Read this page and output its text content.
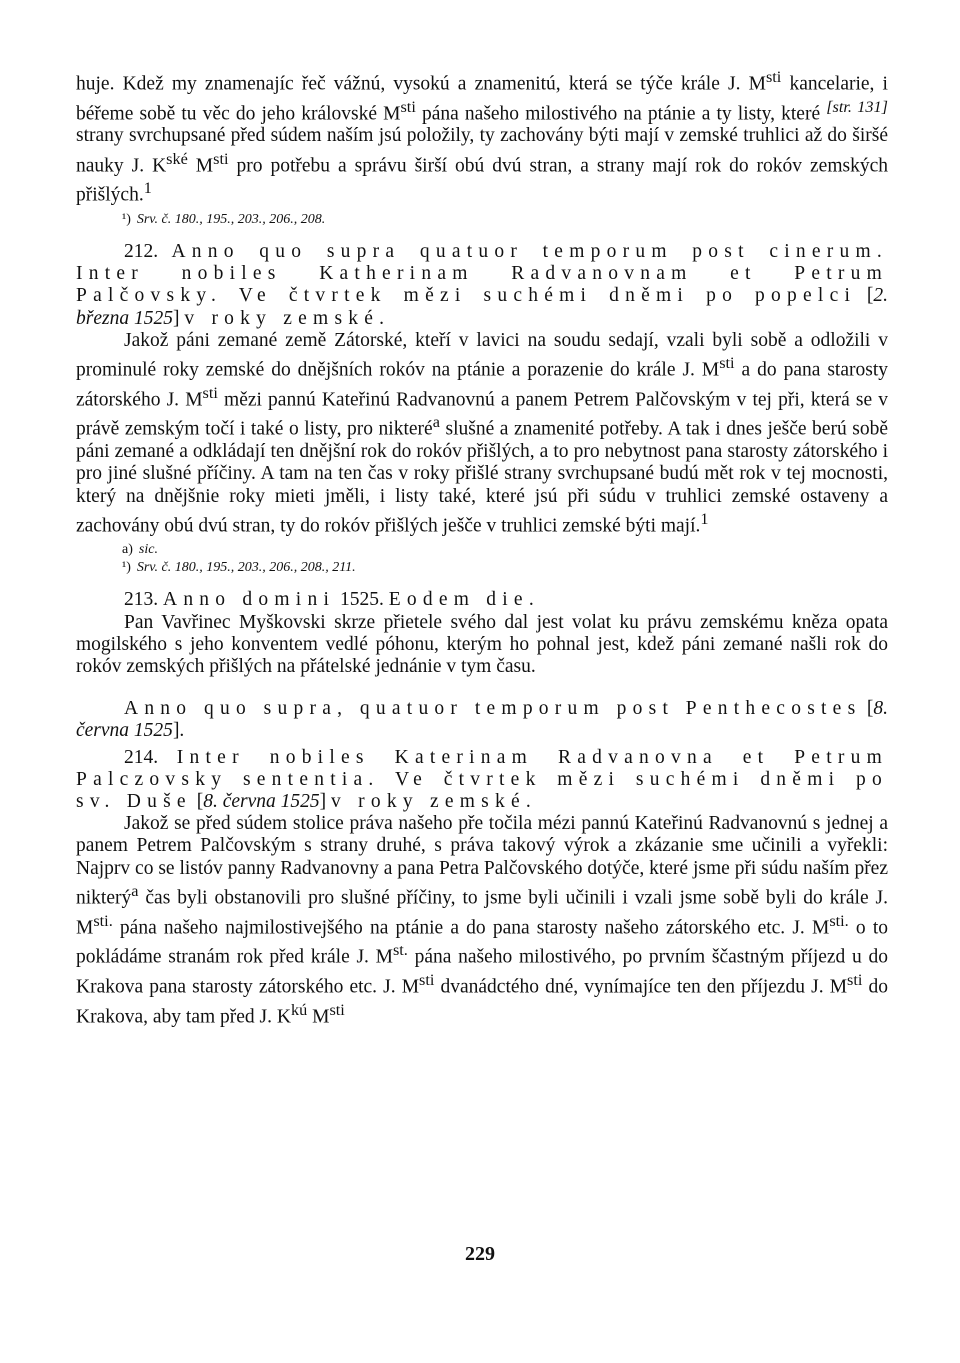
huje. Kdež my znamenajíc řeč vážnú, vysokú a znamenitú, která se týče krále J. $M^{sti}$ kancelarie, i béřeme sobě tu věc do jeho královské $M^{sti}$ pána našeho milostivého na ptánie a ty listy, které [str. 131] strany svrchupsané před súdem naším jsú položily, ty zachovány býti mají v zemské truhlici až do širšé nauky J. $K^{ské}$ $M^{sti}$ pro potřebu a správu širší obú dvú stran, a strany mají rok do rokóv zemských přišlých.$^1$

¹) Srv. č. 180., 195., 203., 206., 208.

212. Anno quo supra quatuor temporum post cinerum. Inter nobiles Katherinam Radvanovnam et Petrum Palčovsky. Ve čtvrtek mězi suchémi dněmi po popelci [2. března 1525] v roky zemské.

Jakož páni zemané země Zátorské, kteří v lavici na soudu sedají, vzali byli sobě a odložili v prominulé roky zemské do dnějšních rokóv na ptánie a porazenie do krále J. $M^{sti}$ a do pana starosty zátorského J. $M^{sti}$ mězi pannú Kateřinú Radvanovnú a panem Petrem Palčovským v tej při, která se v právě zemským točí i také o listy, pro nikteré$^a$ slušné a znamenité potřeby. A tak i dnes ješče berú sobě páni zemané a odkládají ten dnějšní rok do rokóv přišlých, a to pro nebytnost pana starosty zátorského i pro jiné slušné příčiny. A tam na ten čas v roky přišlé strany svrchupsané budú mět rok v tej mocnosti, který na dnějšnie roky mieti jměli, i listy také, které jsú při súdu v truhlici zemské ostaveny a zachovány obú dvú stran, ty do rokóv přišlých ješče v truhlici zemské býti mají.$^1$

a) sic.

¹) Srv. č. 180., 195., 203., 206., 208., 211.

213. Anno domini 1525. Eodem die.

Pan Vavřinec Myškovski skrze přietele svého dal jest volat ku právu zemskému kněza opata mogilského s jeho konventem vedlé póhonu, kterým ho pohnal jest, kdež páni zemané našli rok do rokóv zemských přišlých na přátelské jednánie v tym času.

Anno quo supra, quatuor temporum post Penthecostes [8. června 1525].

214. Inter nobiles Katerinam Radvanovna et Petrum Palczovsky sententia. Ve čtvrtek mězi suchémi dněmi po sv. Duše [8. června 1525] v roky zemské.

Jakož se před súdem stolice práva našeho pře točila mézi pannú Kateřinú Radvanovnú s jednej a panem Petrem Palčovským s strany druhé, s práva takový výrok a zkázanie sme učinili a vyřekli: Najprv co se listóv panny Radvanovny a pana Petra Palčovského dotýče, které jsme při súdu naším přez nikterý$^a$ čas byli obstanovili pro slušné příčiny, to jsme byli učinili i vzali jsme sobě byli do krále J. $M^{sti.}$ pána našeho najmilostivejšého na ptánie a do pana starosty našeho zátorského etc. J. $M^{sti.}$ o to pokládáme stranám rok před krále J. $M^{st.}$ pána našeho milostivého, po prvním ščastným příjezd u do Krakova pana starosty zátorského etc. J. $M^{sti}$ dvanádctého dné, vynímajíce ten den příjezdu J. $M^{sti}$ do Krakova, aby tam před J. $K^{kú}$ $M^{sti}$

229
